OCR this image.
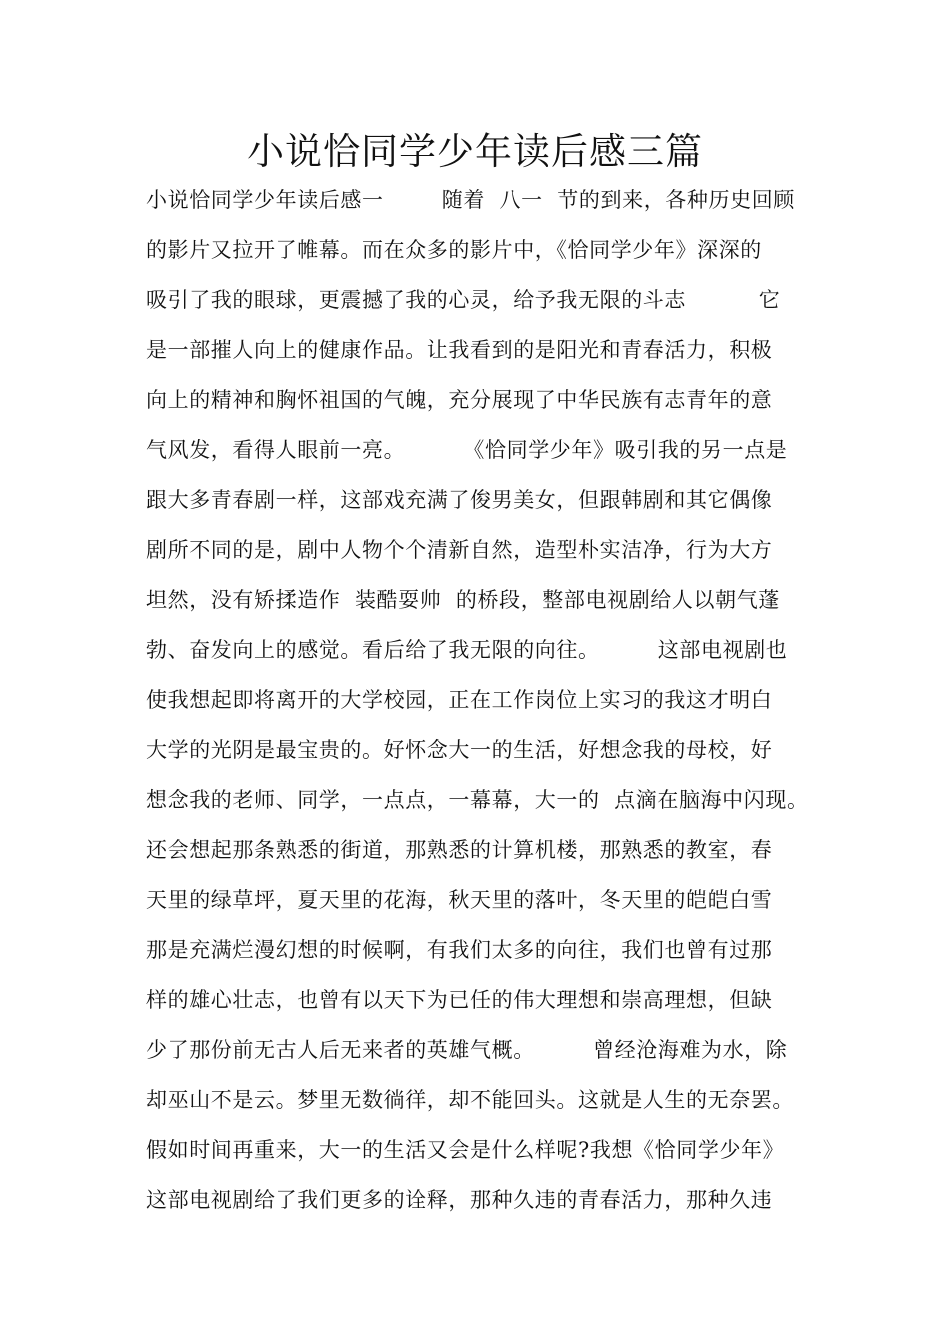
小说恰同学少年读后感三篇
小说恰同学少年读后感一        随着  八一  节的到来，各种历史回顾
的影片又拉开了帷幕。而在众多的影片中，《恰同学少年》深深的
吸引了我的眼球，更震撼了我的心灵，给予我无限的斗志          它
是一部摧人向上的健康作品。让我看到的是阳光和青春活力，积极
向上的精神和胸怀祖国的气魄，充分展现了中华民族有志青年的意
气风发，看得人眼前一亮。        《恰同学少年》吸引我的另一点是
跟大多青春剧一样，这部戏充满了俊男美女，但跟韩剧和其它偶像
剧所不同的是，剧中人物个个清新自然，造型朴实洁净，行为大方
坦然，没有矫揉造作  装酷耍帅  的桥段，整部电视剧给人以朝气蓬
勃、奋发向上的感觉。看后给了我无限的向往。        这部电视剧也
使我想起即将离开的大学校园，正在工作岗位上实习的我这才明白
大学的光阴是最宝贵的。好怀念大一的生活，好想念我的母校，好
想念我的老师、同学，一点点，一幕幕，大一的  点滴在脑海中闪现。
还会想起那条熟悉的街道，那熟悉的计算机楼，那熟悉的教室，春
天里的绿草坪，夏天里的花海，秋天里的落叶，冬天里的皑皑白雪
那是充满烂漫幻想的时候啊，有我们太多的向往，我们也曾有过那
样的雄心壮志，也曾有以天下为已任的伟大理想和崇高理想，但缺
少了那份前无古人后无来者的英雄气概。        曾经沧海难为水，除
却巫山不是云。梦里无数徜徉，却不能回头。这就是人生的无奈罢。
假如时间再重来，大一的生活又会是什么样呢?我想《恰同学少年》
这部电视剧给了我们更多的诠释，那种久违的青春活力，那种久违
